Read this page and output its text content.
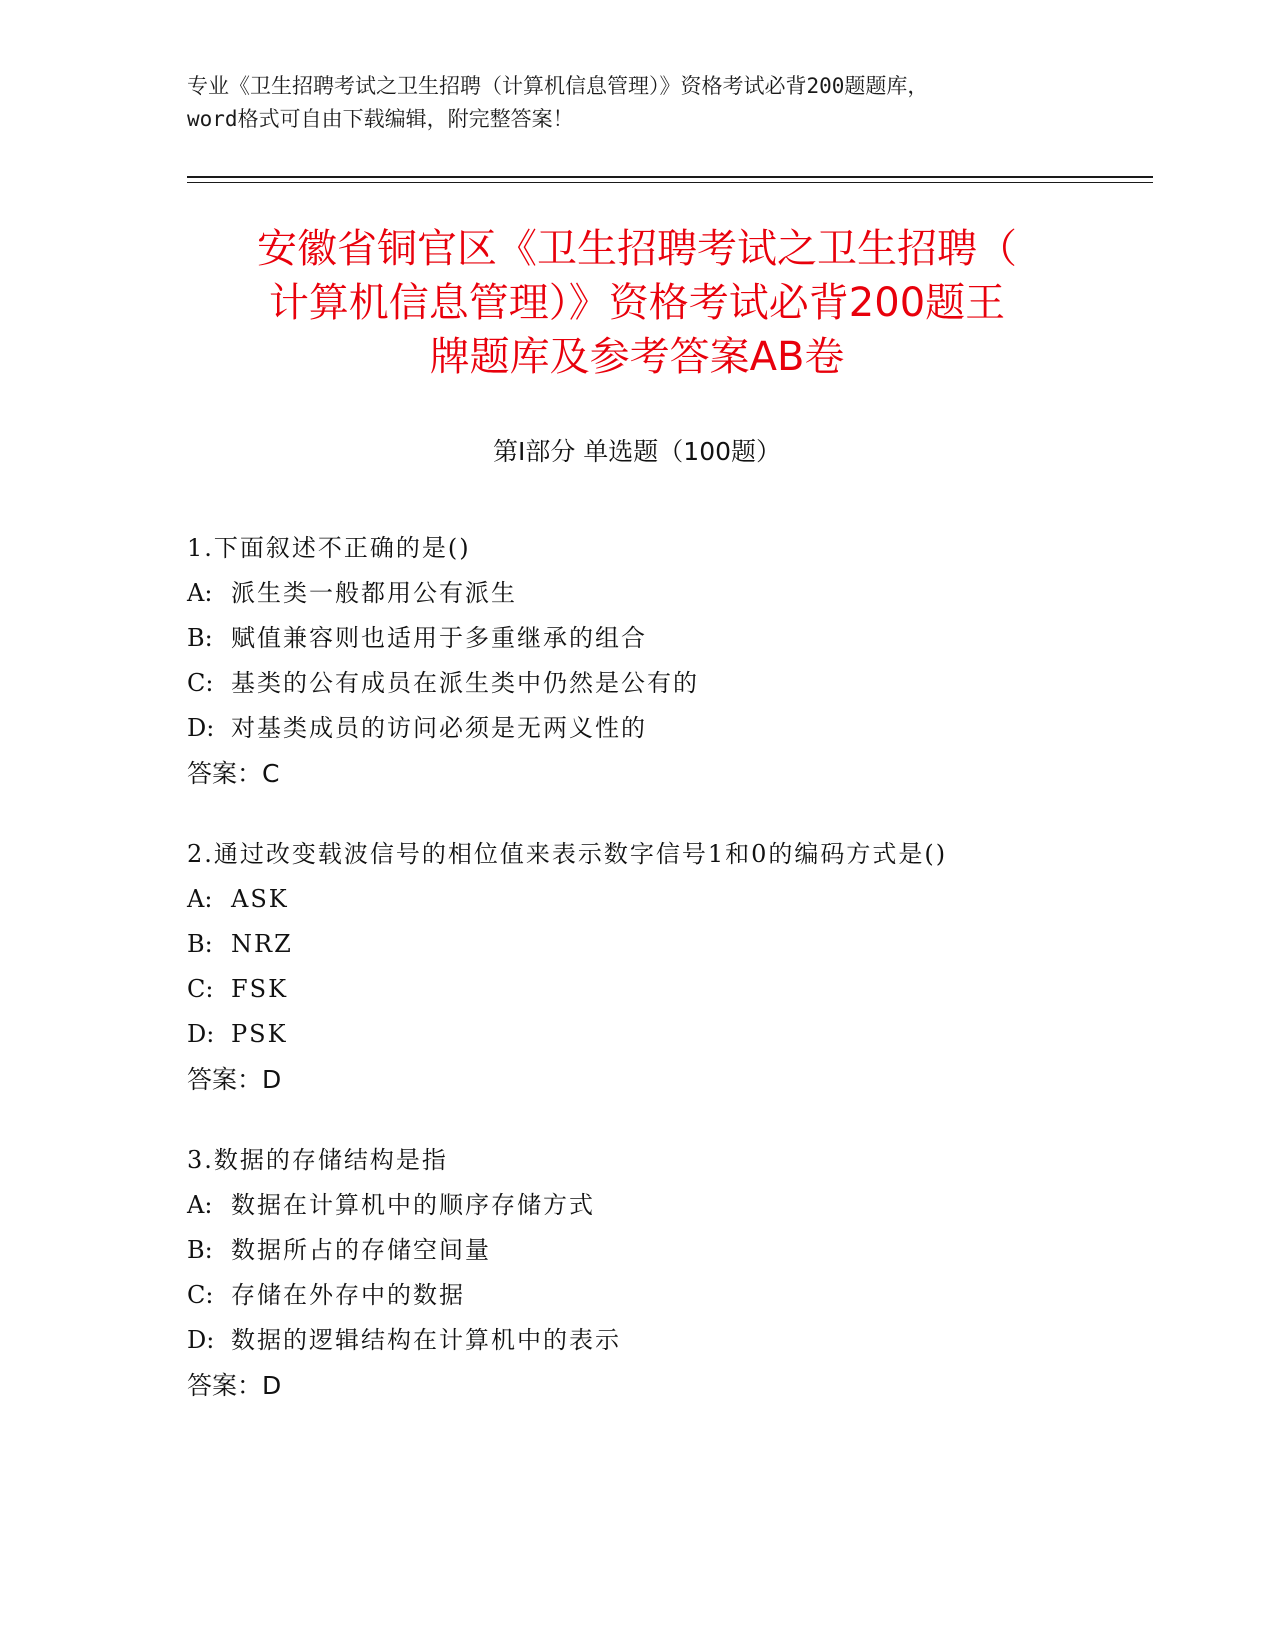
专业《卫生招聘考试之卫生招聘（计算机信息管理）》资格考试必背200题题库，
word格式可自由下载编辑，附完整答案！
安徽省铜官区《卫生招聘考试之卫生招聘（
计算机信息管理）》资格考试必背200题王
牌题库及参考答案AB卷
第I部分 单选题（100题）
1.下面叙述不正确的是()
A: 派生类一般都用公有派生
B: 赋值兼容则也适用于多重继承的组合
C: 基类的公有成员在派生类中仍然是公有的
D: 对基类成员的访问必须是无两义性的
答案：C
2.通过改变载波信号的相位值来表示数字信号1和0的编码方式是()
A: ASK
B: NRZ
C: FSK
D: PSK
答案：D
3.数据的存储结构是指
A: 数据在计算机中的顺序存储方式
B: 数据所占的存储空间量
C: 存储在外存中的数据
D: 数据的逻辑结构在计算机中的表示
答案：D
